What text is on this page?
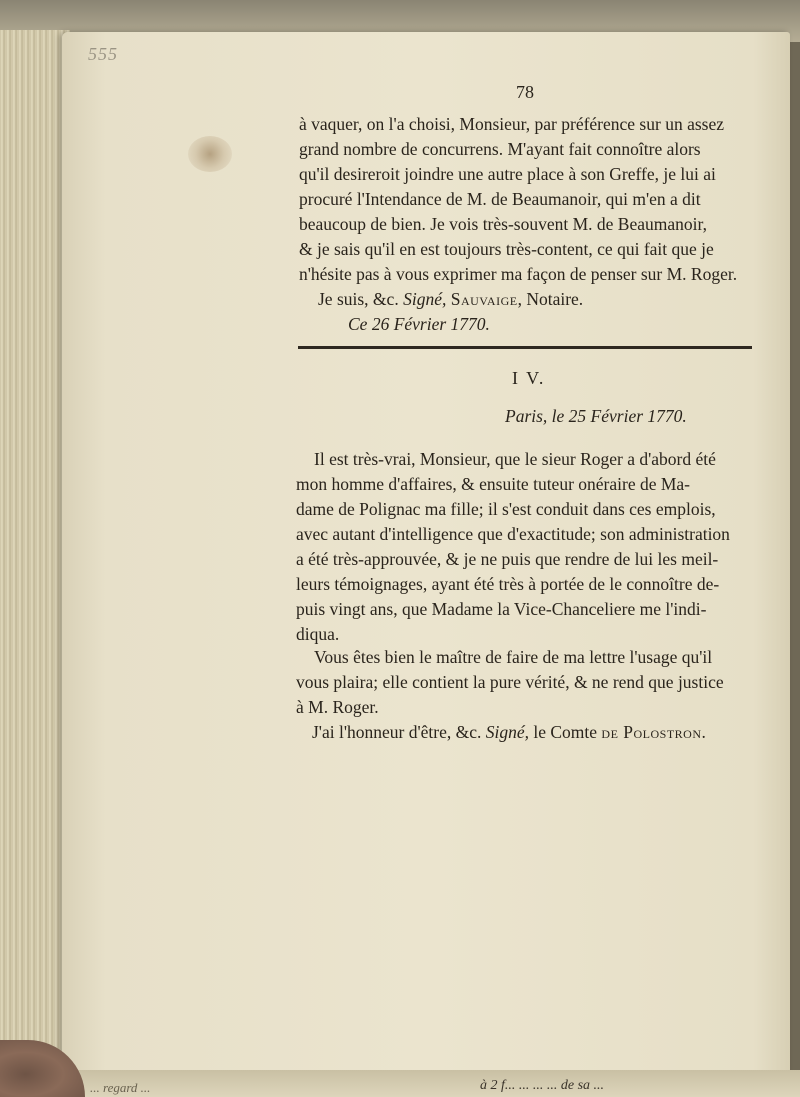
555
78
à vaquer, on l'a choisi, Monsieur, par préférence sur un assez
grand nombre de concurrens. M'ayant fait connoître alors
qu'il desireroit joindre une autre place à son Greffe, je lui ai
procuré l'Intendance de M. de Beaumanoir, qui m'en a dit
beaucoup de bien. Je vois très-souvent M. de Beaumanoir,
& je sais qu'il en est toujours très-content, ce qui fait que je
n'hésite pas à vous exprimer ma façon de penser sur M. Roger.
Je suis, &c. Signé, Sauvaige, Notaire.
Ce 26 Février 1770.
I V.
Paris, le 25 Février 1770.
Il est très-vrai, Monsieur, que le sieur Roger a d'abord été
mon homme d'affaires, & ensuite tuteur onéraire de Ma-
dame de Polignac ma fille; il s'est conduit dans ces emplois,
avec autant d'intelligence que d'exactitude; son administration
a été très-approuvée, & je ne puis que rendre de lui les meil-
leurs témoignages, ayant été très à portée de le connoître de-
puis vingt ans, que Madame la Vice-Chanceliere me l'indi-
diqua.
Vous êtes bien le maître de faire de ma lettre l'usage qu'il
vous plaira; elle contient la pure vérité, & ne rend que justice
à M. Roger.
J'ai l'honneur d'être, &c. Signé, le Comte de Polostron.
... regard ...	à 2 f... ... ... ... de sa ...
